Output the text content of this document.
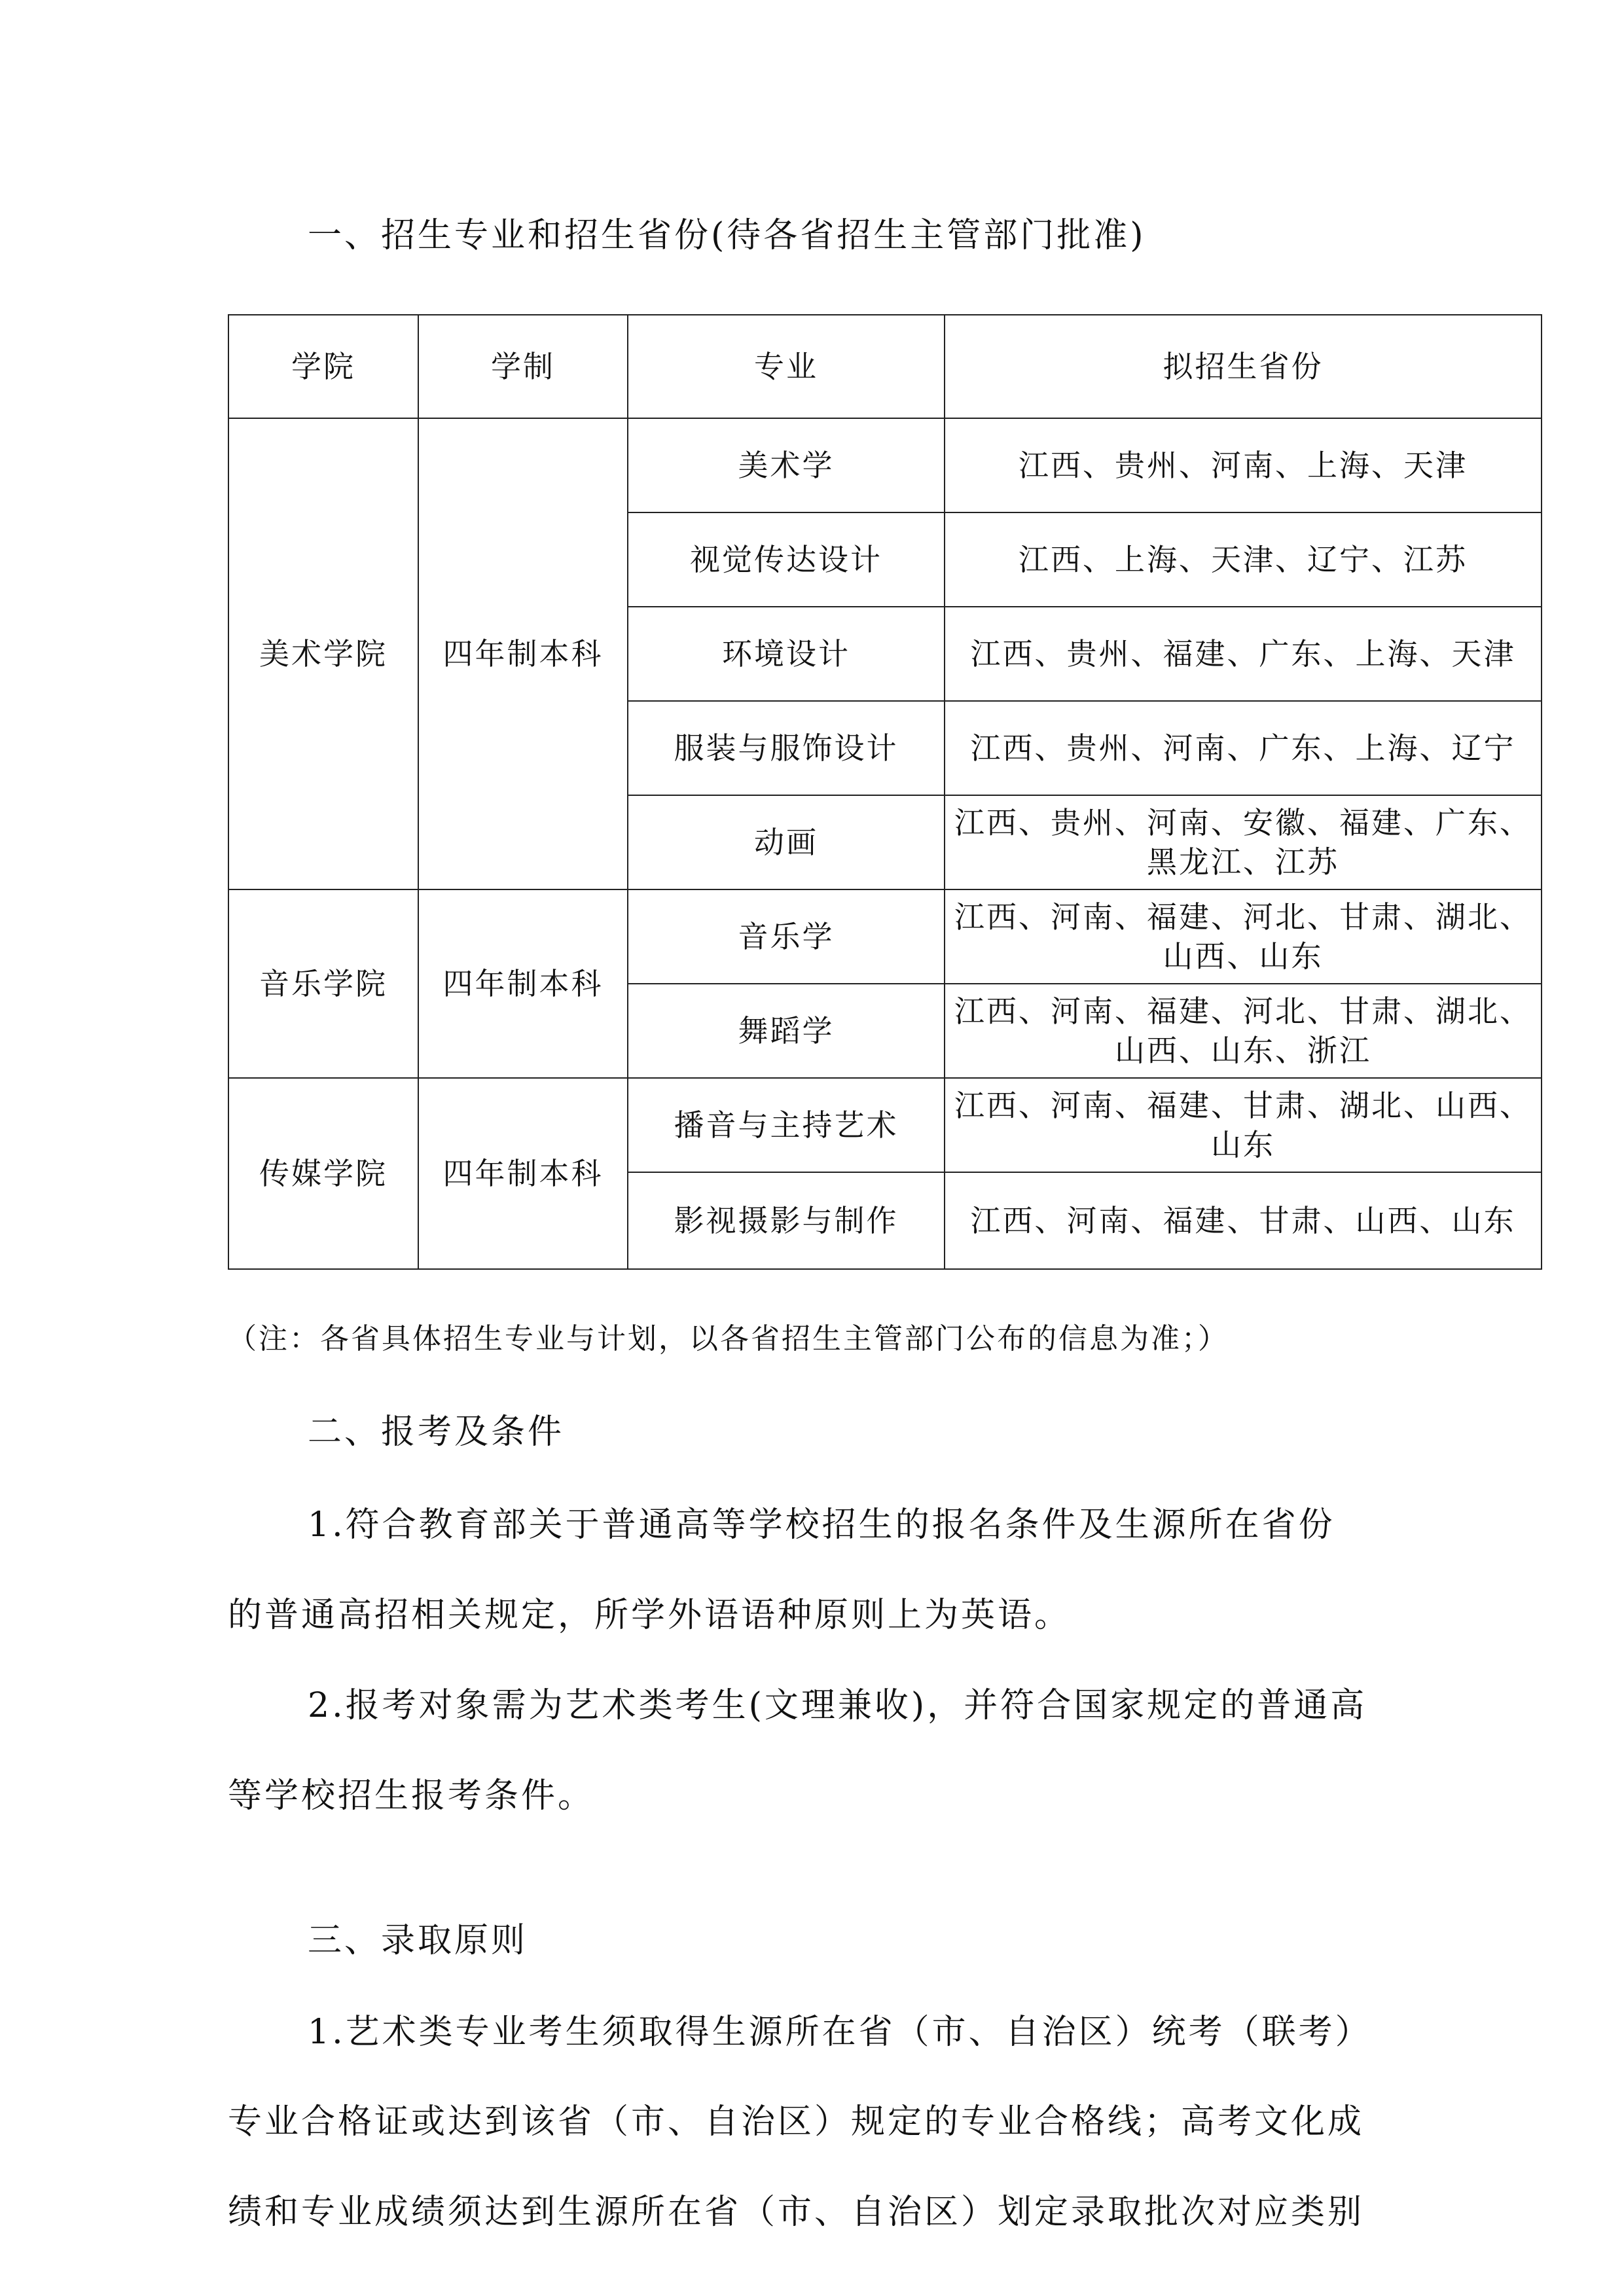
一、招生专业和招生省份(待各省招生主管部门批准)
学院	学制	专业	拟招生省份
美术学院	四年制本科	美术学	江西、贵州、河南、上海、天津
		视觉传达设计	江西、上海、天津、辽宁、江苏
		环境设计	江西、贵州、福建、广东、上海、天津
		服装与服饰设计	江西、贵州、河南、广东、上海、辽宁
		动画	江西、贵州、河南、安徽、福建、广东、黑龙江、江苏
音乐学院	四年制本科	音乐学	江西、河南、福建、河北、甘肃、湖北、山西、山东
		舞蹈学	江西、河南、福建、河北、甘肃、湖北、山西、山东、浙江
传媒学院	四年制本科	播音与主持艺术	江西、河南、福建、甘肃、湖北、山西、山东
		影视摄影与制作	江西、河南、福建、甘肃、山西、山东
（注：各省具体招生专业与计划，以各省招生主管部门公布的信息为准；）
二、报考及条件
1.符合教育部关于普通高等学校招生的报名条件及生源所在省份
的普通高招相关规定，所学外语语种原则上为英语。
2.报考对象需为艺术类考生(文理兼收)，并符合国家规定的普通高
等学校招生报考条件。
三、录取原则
1.艺术类专业考生须取得生源所在省（市、自治区）统考（联考）
专业合格证或达到该省（市、自治区）规定的专业合格线；高考文化成
绩和专业成绩须达到生源所在省（市、自治区）划定录取批次对应类别
